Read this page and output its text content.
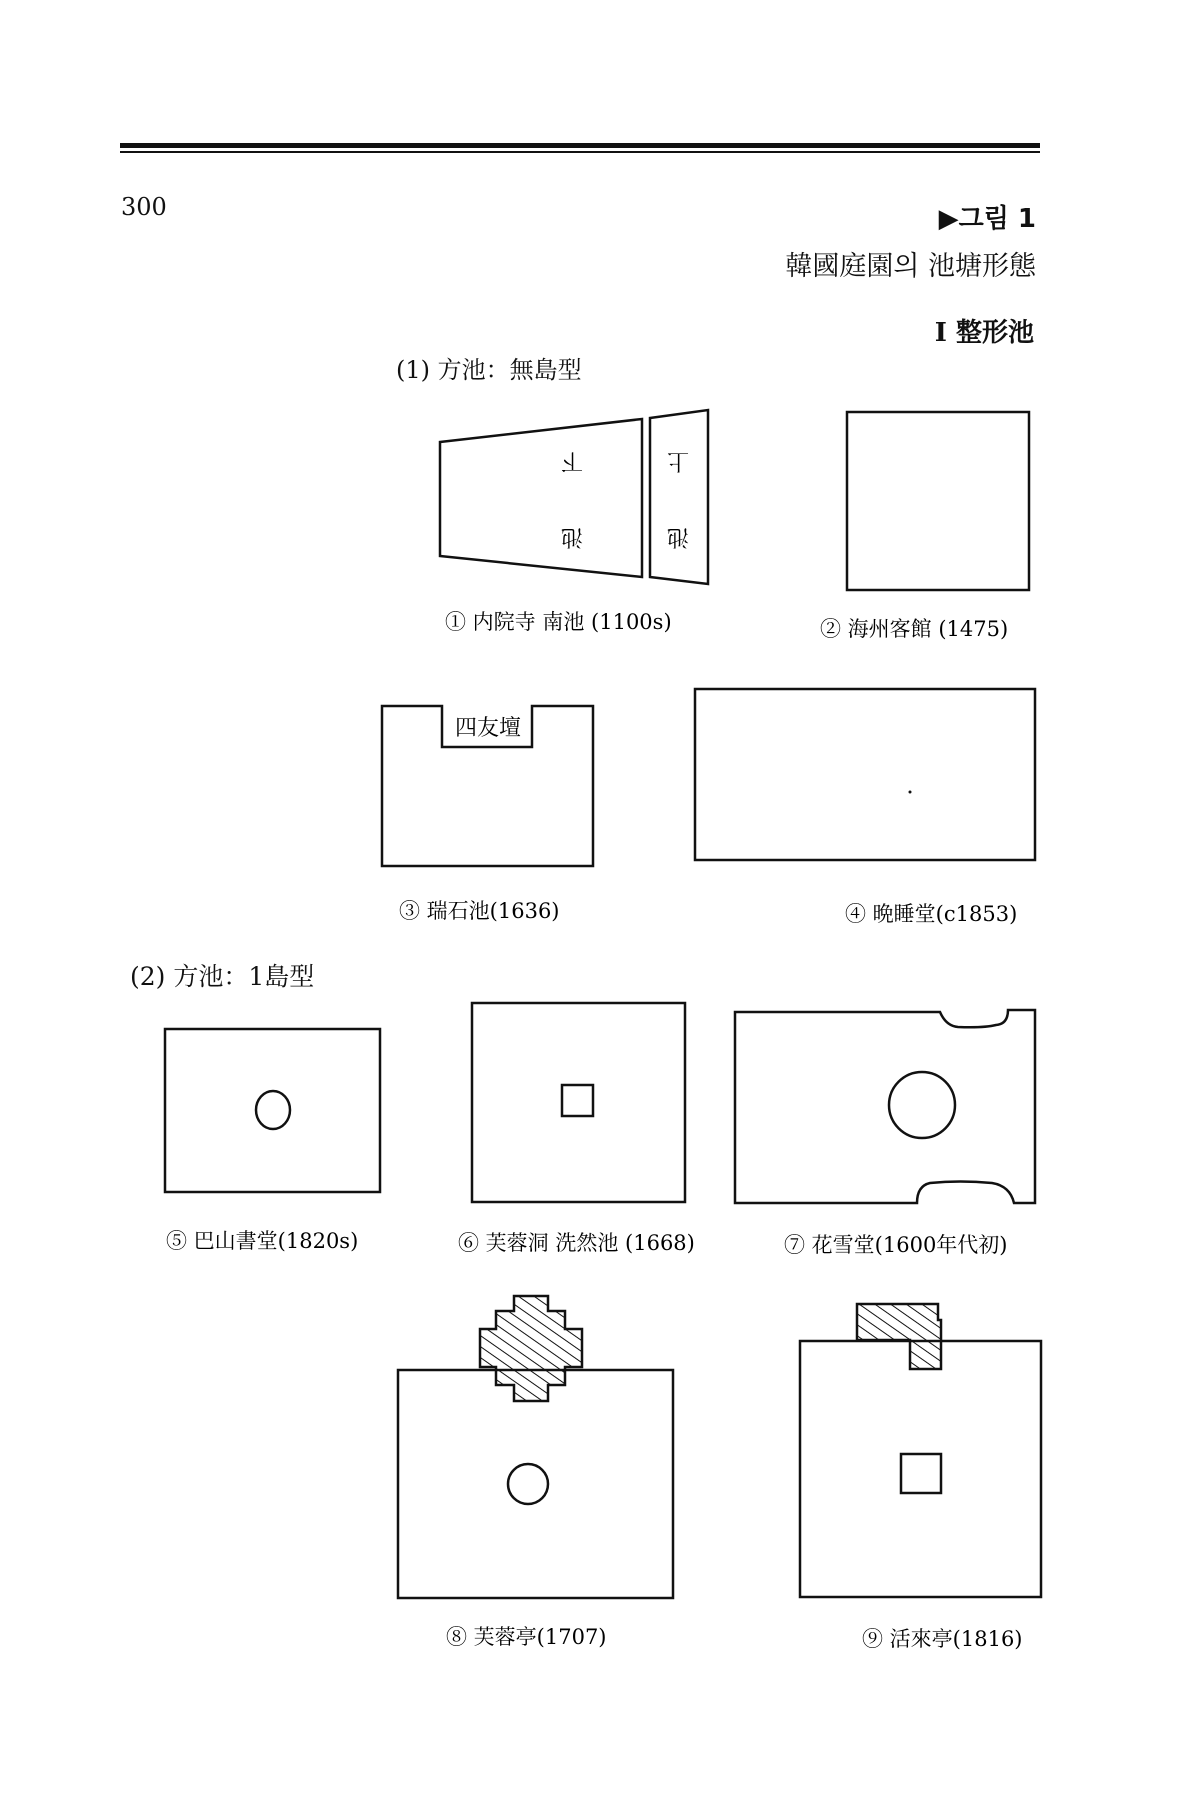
300	▶그림 1
韓國庭園의 池塘形態
Ⅰ 整形池
(1) 方池：無島型
(2) 方池：1島型
下
池
上
池
四友壇
① 内院寺 南池 (1100s)	② 海州客館 (1475)
③ 瑞石池(1636)	④ 晩睡堂(c1853)
⑤ 巴山書堂(1820s)	⑥ 芙蓉洞 洗然池 (1668)	⑦ 花雪堂(1600年代初)
⑧ 芙蓉亭(1707)	⑨ 活來亭(1816)
